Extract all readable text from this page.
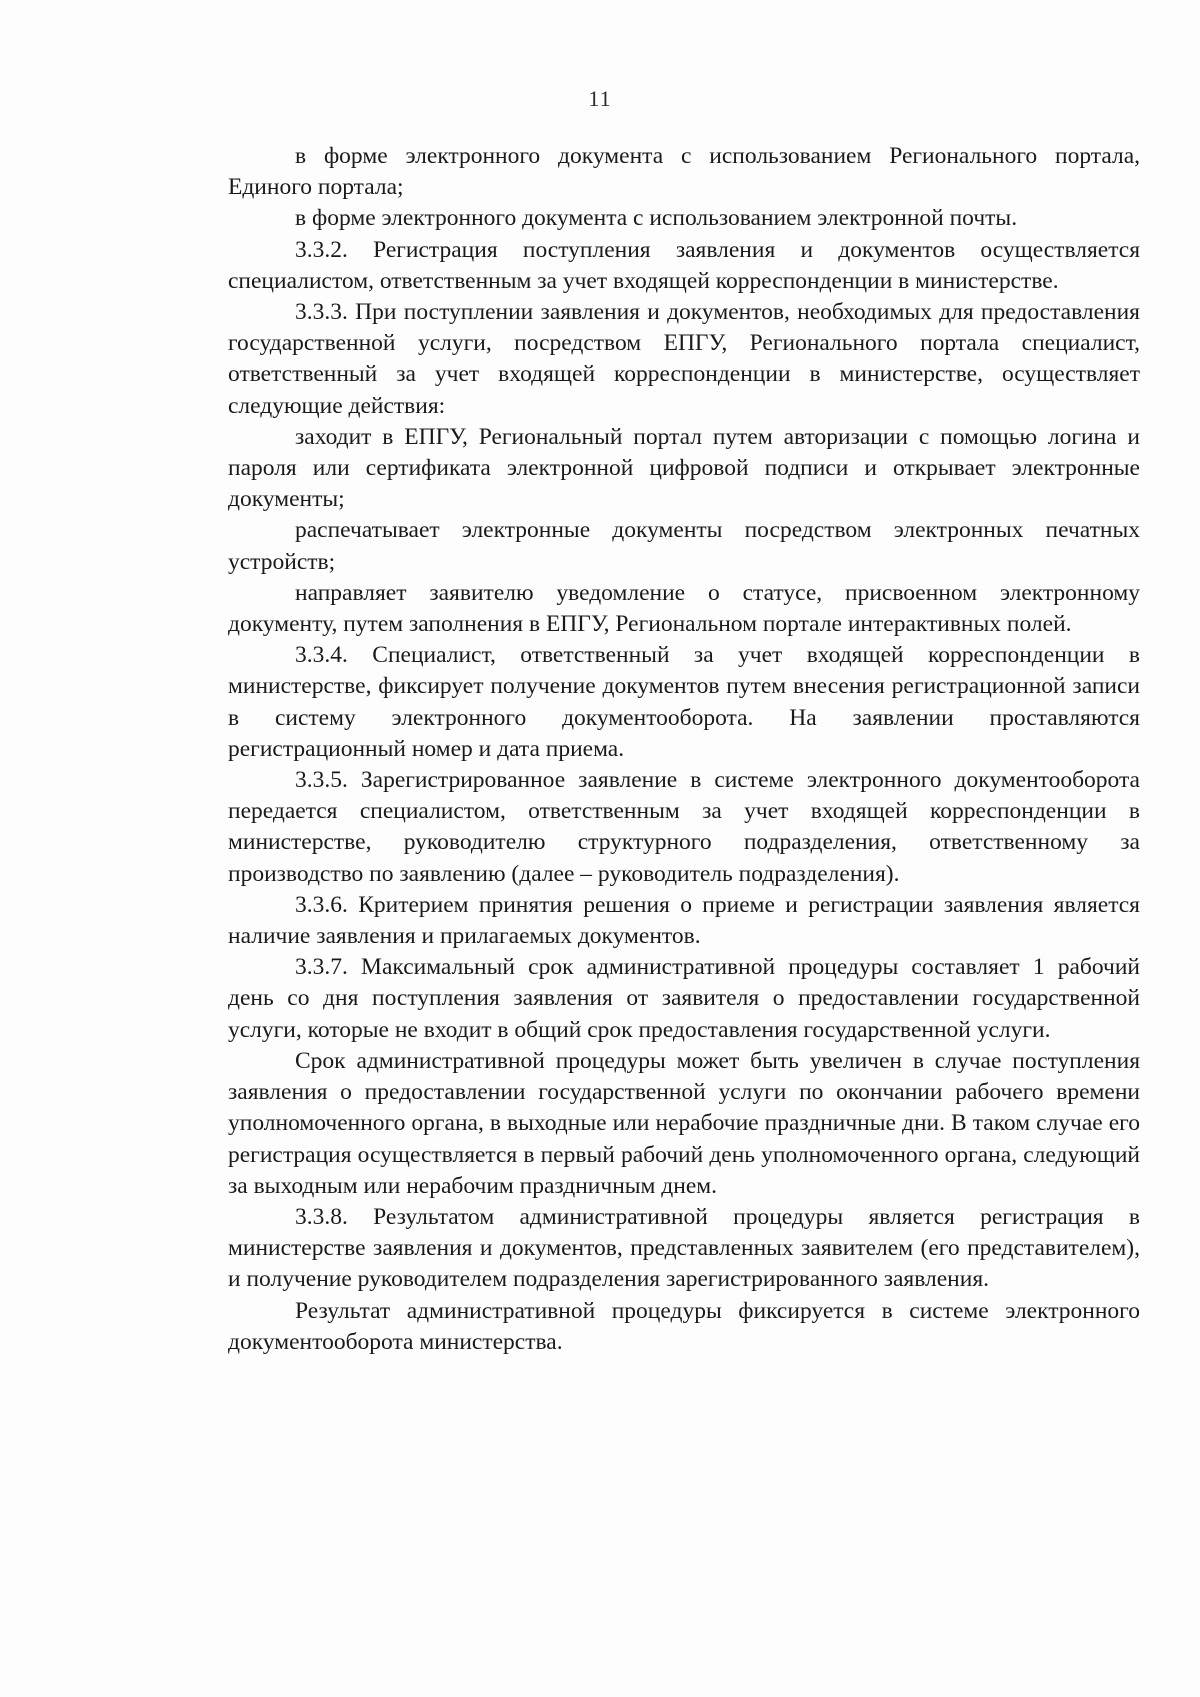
11

в форме электронного документа с использованием Регионального портала, Единого портала;

в форме электронного документа с использованием электронной почты.

3.3.2. Регистрация поступления заявления и документов осуществляется специалистом, ответственным за учет входящей корреспонденции в министерстве.

3.3.3. При поступлении заявления и документов, необходимых для предоставления государственной услуги, посредством ЕПГУ, Регионального портала специалист, ответственный за учет входящей корреспонденции в министерстве, осуществляет следующие действия:

заходит в ЕПГУ, Региональный портал путем авторизации с помощью логина и пароля или сертификата электронной цифровой подписи и открывает электронные документы;

распечатывает электронные документы посредством электронных печатных устройств;

направляет заявителю уведомление о статусе, присвоенном электронному документу, путем заполнения в ЕПГУ, Региональном портале интерактивных полей.

3.3.4. Специалист, ответственный за учет входящей корреспонденции в министерстве, фиксирует получение документов путем внесения регистрационной записи в систему электронного документооборота. На заявлении проставляются регистрационный номер и дата приема.

3.3.5. Зарегистрированное заявление в системе электронного документооборота передается специалистом, ответственным за учет входящей корреспонденции в министерстве, руководителю структурного подразделения, ответственному за производство по заявлению (далее – руководитель подразделения).

3.3.6. Критерием принятия решения о приеме и регистрации заявления является наличие заявления и прилагаемых документов.

3.3.7. Максимальный срок административной процедуры составляет 1 рабочий день со дня поступления заявления от заявителя о предоставлении государственной услуги, которые не входит в общий срок предоставления государственной услуги.

Срок административной процедуры может быть увеличен в случае поступления заявления о предоставлении государственной услуги по окончании рабочего времени уполномоченного органа, в выходные или нерабочие праздничные дни. В таком случае его регистрация осуществляется в первый рабочий день уполномоченного органа, следующий за выходным или нерабочим праздничным днем.

3.3.8. Результатом административной процедуры является регистрация в министерстве заявления и документов, представленных заявителем (его представителем), и получение руководителем подразделения зарегистрированного заявления.

Результат административной процедуры фиксируется в системе электронного документооборота министерства.
